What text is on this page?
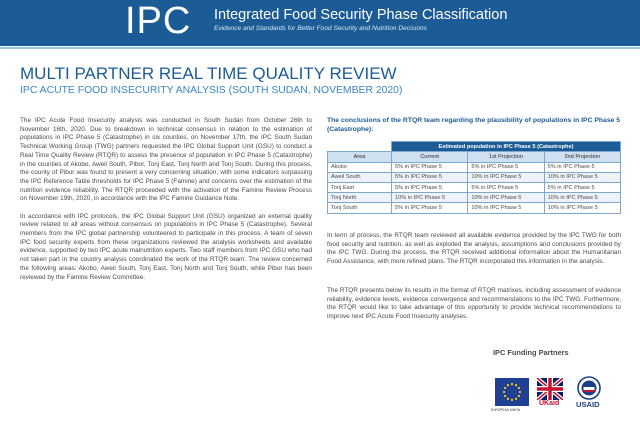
IPC Integrated Food Security Phase Classification
Evidence and Standards for Better Food Security and Nutrition Decisions
MULTI PARTNER REAL TIME QUALITY REVIEW
IPC ACUTE FOOD INSECURITY ANALYSIS (SOUTH SUDAN, NOVEMBER 2020)

The IPC Acute Food Insecurity analysis was conducted in South Sudan from October 26th to November 16th, 2020. Due to breakdown in technical consensus in relation to the estimation of populations in IPC Phase 5 (Catastrophe) in six counties, on November 17th, the IPC South Sudan Technical Working Group (TWG) partners requested the IPC Global Support Unit (GSU) to conduct a Real Time Quality Review (RTQR) to assess the presence of population in IPC Phase 5 (Catastrophe) in the counties of Akobo, Aweil South, Pibor, Tonj East, Tonj North and Tonj South. During this process, the county of Pibor was found to present a very concerning situation, with some indicators surpassing the IPC Reference Table thresholds for IPC Phase 5 (Famine) and concerns over the estimation of the nutrition evidence reliability. The RTQR proceeded with the activation of the Famine Review Process on November 19th, 2020, in accordance with the IPC Famine Guidance Note.

In accordance with IPC protocols, the IPC Global Support Unit (GSU) organized an external quality review related to all areas without consensus on populations in IPC Phase 5 (Catastrophe). Several members from the IPC global partnership volunteered to participate in this process. A team of seven IPC food security experts from these organizations reviewed the analysis worksheets and available evidence, supported by two IPC acute malnutrition experts. Two staff members from IPC GSU who had not taken part in the country analysis coordinated the work of the RTQR team. The review concerned the following areas: Akobo, Aweil South, Tonj East, Tonj North and Tonj South, while Pibor has been reviewed by the Famine Review Committee.

The conclusions of the RTQR team regarding the plausibility of populations in IPC Phase 5 (Catastrophe):

	Estimated population in IPC Phase 5 (Catastrophe)		
Area	Current	1st Projection	2nd Projection
Akobo	5% in IPC Phase 5	5% in IPC Phase 5	5% in IPC Phase 5
Aweil South	5% in IPC Phase 5	10% in IPC Phase 5	10% in IPC Phase 5
Tonj East	5% in IPC Phase 5	5% in IPC Phase 5	5% in IPC Phase 5
Tonj North	10% in IPC Phase 5	10% in IPC Phase 5	10% in IPC Phase 5
Tonj South	5% in IPC Phase 5	10% in IPC Phase 5	10% in IPC Phase 5

In term of process, the RTQR team reviewed all available evidence provided by the IPC TWG for both food security and nutrition, as well as exploited the analysis, assumptions and conclusions provided by the IPC TWG. During the process, the RTQR received additional information about the Humanitarian Food Assistance, with more refined plans. The RTQR incorporated this information in the analysis.

The RTQR presents below its results in the format of RTQR matrixes, including assessment of evidence reliability, evidence levels, evidence convergence and recommendations to the IPC TWG. Furthermore, the RTQR would like to take advantage of this opportunity to provide technical recommendations to improve next IPC Acute Food Insecurity analyses.

IPC Funding Partners
EUROPEAN UNION
UKaid USAID
